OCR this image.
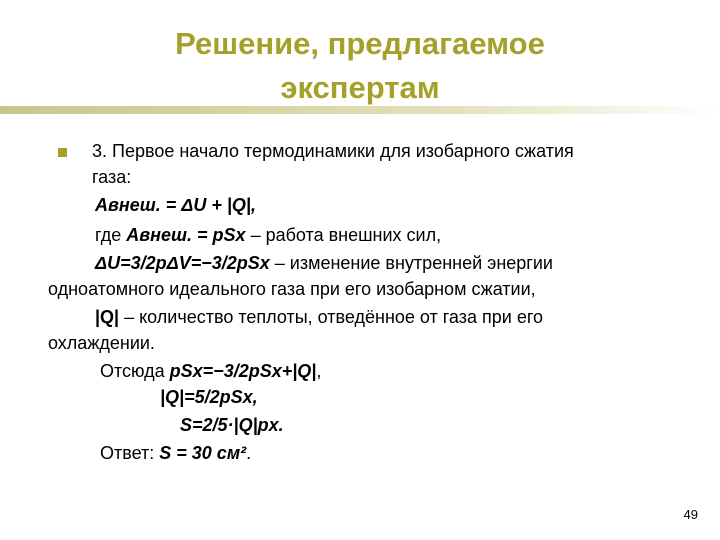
Решение, предлагаемое
экспертам
3. Первое начало термодинамики для изобарного сжатия
газа:
Авнеш. = ΔU + |Q|,
где Авнеш. = pSx – работа внешних сил,
ΔU=3/2pΔV=−3/2pSx – изменение внутренней энергии
одноатомного идеального газа при его изобарном сжатии,
|Q| – количество теплоты, отведённое от газа при его
охлаждении.
Отсюда pSx=−3/2pSx+|Q|,
|Q|=5/2pSx,
S=2/5·|Q|px.
Ответ: S = 30 см².
49
